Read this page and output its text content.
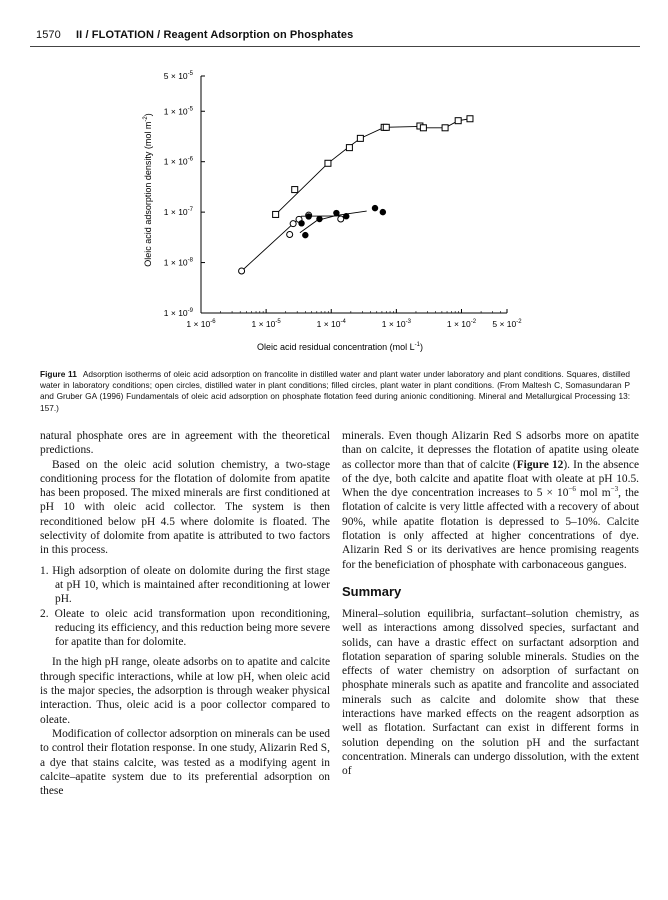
1570 II / FLOTATION / Reagent Adsorption on Phosphates
$1 \times 10^{-6}$	$1 \times 10^{-5}$	$1 \times 10^{-4}$	$1 \times 10^{-3}$	$1 \times 10^{-2}$ $5 \times 10^{-2}$
$1 \times 10^{-9}$
$1 \times 10^{-8}$
$1 \times 10^{-7}$
$1 \times 10^{-6}$
$1 \times 10^{-5}$
$5 \times 10^{-5}$
Oleic acid residual concentration (mol $L^{-1}$)
Oleic acid adsorption density (mol $m^{-2}$)
Figure 11 Adsorption isotherms of oleic acid adsorption on francolite in distilled water and plant water under laboratory and plant conditions. Squares, distilled water in laboratory conditions; open circles, distilled water in plant conditions; filled circles, plant water in plant conditions. (From Maltesh C, Somasundaran P and Gruber GA (1996) Fundamentals of oleic acid adsorption on phosphate flotation feed during anionic conditioning. Mineral and Metallurgical Processing 13: 157.)

natural phosphate ores are in agreement with the theoretical predictions.

Based on the oleic acid solution chemistry, a two-stage conditioning process for the flotation of dolomite from apatite has been proposed. The mixed minerals are first conditioned at pH 10 with oleic acid collector. The system is then reconditioned below pH 4.5 where dolomite is floated. The selectivity of dolomite from apatite is attributed to two factors in this process.

1. High adsorption of oleate on dolomite during the first stage at pH 10, which is maintained after reconditioning at lower pH.
2. Oleate to oleic acid transformation upon reconditioning, reducing its efficiency, and this reduction being more severe for apatite than for dolomite.

In the high pH range, oleate adsorbs on to apatite and calcite through specific interactions, while at low pH, when oleic acid is the major species, the adsorption is through weaker physical interaction. Thus, oleic acid is a poor collector compared to oleate.

Modification of collector adsorption on minerals can be used to control their flotation response. In one study, Alizarin Red S, a dye that stains calcite, was tested as a modifying agent in calcite–apatite system due to its preferential adsorption on these

minerals. Even though Alizarin Red S adsorbs more on apatite than on calcite, it depresses the flotation of apatite using oleate as collector more than that of calcite (Figure 12). In the absence of the dye, both calcite and apatite float with oleate at pH 10.5. When the dye concentration increases to $5 \times 10^{-6}$ mol $m^{-3}$, the flotation of calcite is very little affected with a recovery of about 90%, while apatite flotation is depressed to 5–10%. Calcite flotation is only affected at higher concentrations of dye. Alizarin Red S or its derivatives are hence promising reagents for the beneficiation of phosphate with carbonaceous gangues.

Summary

Mineral–solution equilibria, surfactant–solution chemistry, as well as interactions among dissolved species, surfactant and solids, can have a drastic effect on surfactant adsorption and flotation separation of sparing soluble minerals. Studies on the effects of water chemistry on adsorption of surfactant on phosphate minerals such as apatite and francolite and associated minerals such as calcite and dolomite show that these interactions have marked effects on the reagent adsorption as well as flotation. Surfactant can exist in different forms in solution depending on the solution pH and the surfactant concentration. Minerals can undergo dissolution, with the extent of
